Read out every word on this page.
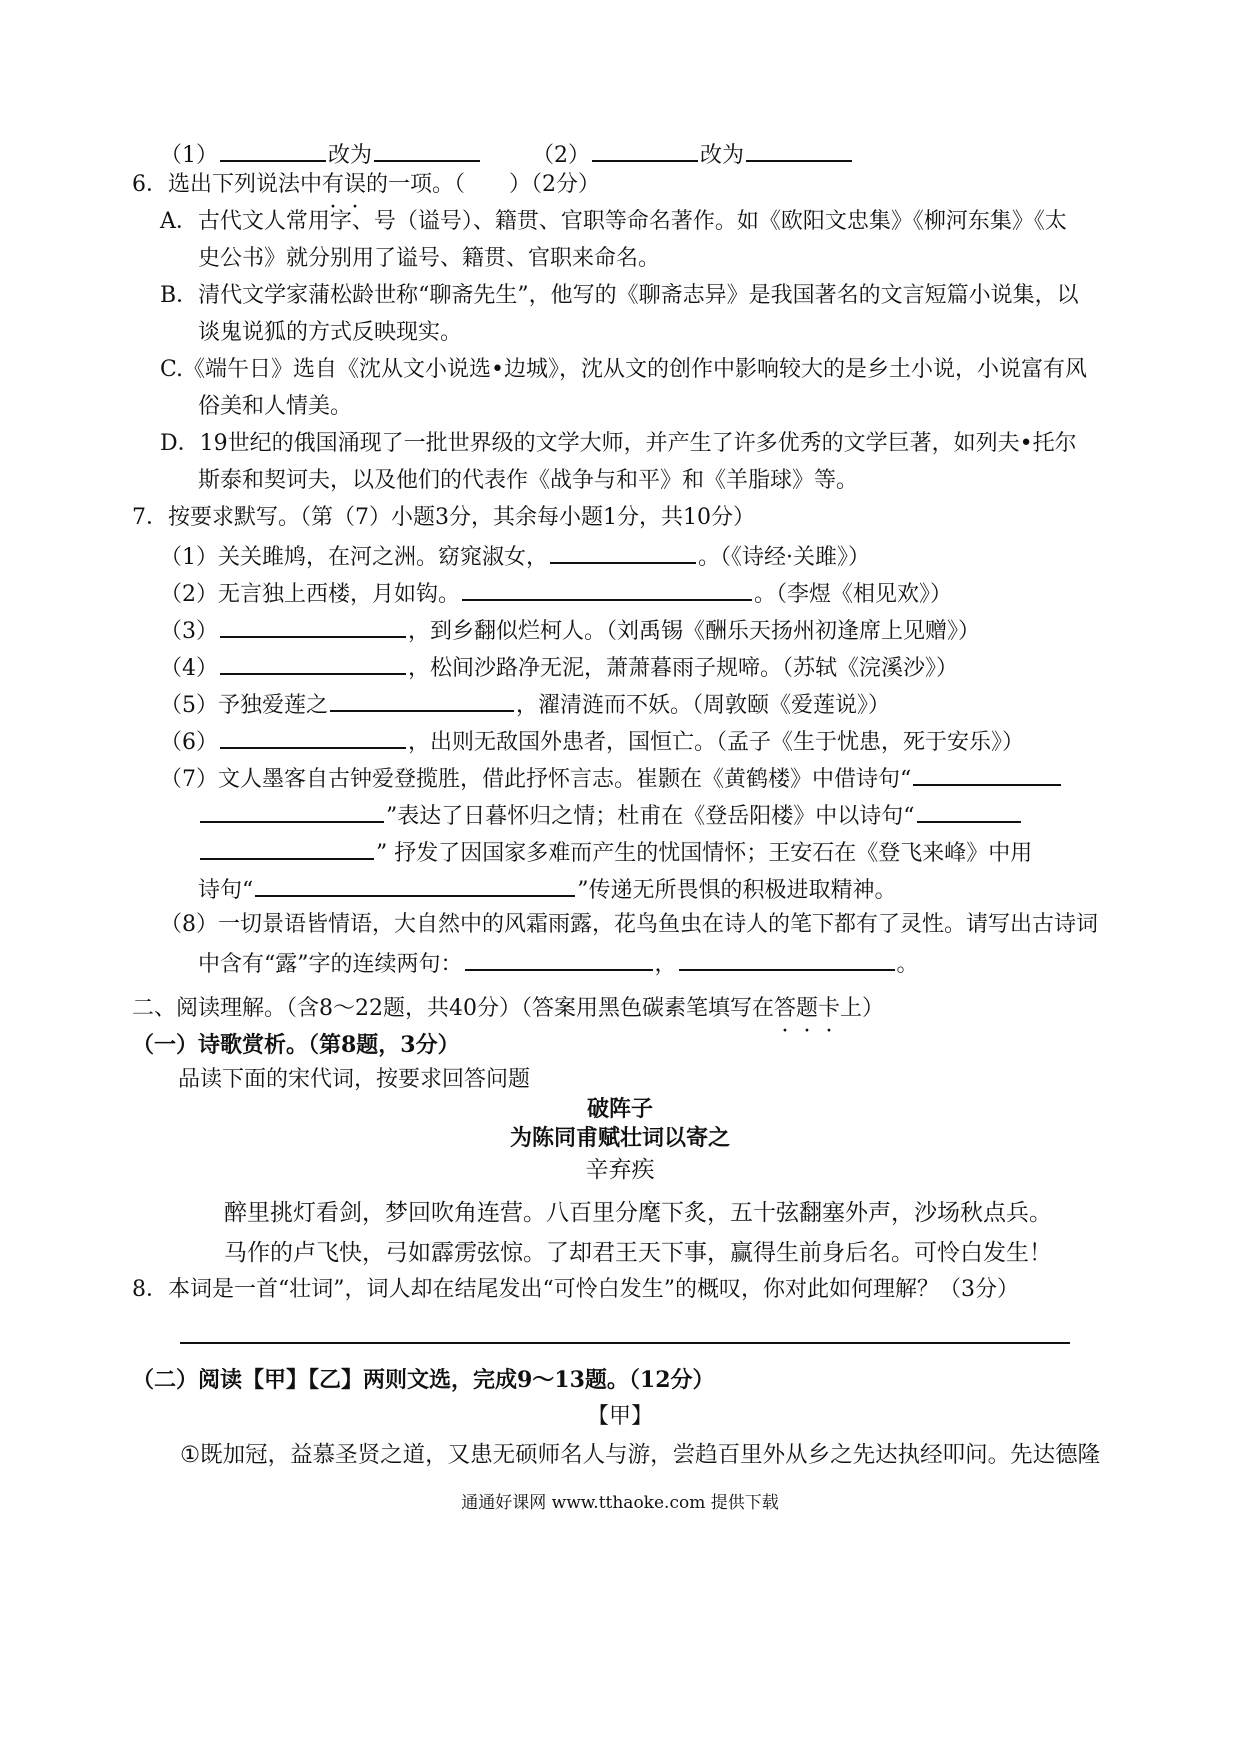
（1）	改为	（2）	改为
6．选出下列说法中有误的一项。（　　）（2分）
A．古代文人常用字、号（谥号）、籍贯、官职等命名著作。如《欧阳文忠集》《柳河东集》《太
史公书》就分别用了谥号、籍贯、官职来命名。
B．清代文学家蒲松龄世称“聊斋先生”，他写的《聊斋志异》是我国著名的文言短篇小说集，以
谈鬼说狐的方式反映现实。
C.《端午日》选自《沈从文小说选•边城》，沈从文的创作中影响较大的是乡土小说，小说富有风
俗美和人情美。
D．19世纪的俄国涌现了一批世界级的文学大师，并产生了许多优秀的文学巨著，如列夫•托尔
斯泰和契诃夫，以及他们的代表作《战争与和平》和《羊脂球》等。
7．按要求默写。（第（7）小题3分，其余每小题1分，共10分）
（1）关关雎鸠，在河之洲。窈窕淑女，	。（《诗经·关雎》）
（2）无言独上西楼，月如钩。	。（李煜《相见欢》）
（3）	，到乡翻似烂柯人。（刘禹锡《酬乐天扬州初逢席上见赠》）
（4）	，松间沙路净无泥，萧萧暮雨子规啼。（苏轼《浣溪沙》）
（5）予独爱莲之	，濯清涟而不妖。（周敦颐《爱莲说》）
（6）	，出则无敌国外患者，国恒亡。（孟子《生于忧患，死于安乐》）
（7）文人墨客自古钟爱登揽胜，借此抒怀言志。崔颢在《黄鹤楼》中借诗句“
”表达了日暮怀归之情；杜甫在《登岳阳楼》中以诗句“
” 抒发了因国家多难而产生的忧国情怀；王安石在《登飞来峰》中用
诗句“	”传递无所畏惧的积极进取精神。
（8）一切景语皆情语，大自然中的风霜雨露，花鸟鱼虫在诗人的笔下都有了灵性。请写出古诗词
中含有“露”字的连续两句：	，	。
二、阅读理解。（含8～22题，共40分）（答案用黑色碳素笔填写在答题卡上）
（一）诗歌赏析。（第8题，3分）
品读下面的宋代词，按要求回答问题
破阵子
为陈同甫赋壮词以寄之
辛弃疾
醉里挑灯看剑，梦回吹角连营。八百里分麾下炙，五十弦翻塞外声，沙场秋点兵。
马作的卢飞快，弓如霹雳弦惊。了却君王天下事，赢得生前身后名。可怜白发生！
8．本词是一首“壮词”，词人却在结尾发出“可怜白发生”的概叹，你对此如何理解？（3分）
（二）阅读【甲】【乙】两则文选，完成9～13题。（12分）
【甲】
①既加冠，益慕圣贤之道，又患无硕师名人与游，尝趋百里外从乡之先达执经叩问。先达德隆
通通好课网 www.tthaoke.com 提供下载
